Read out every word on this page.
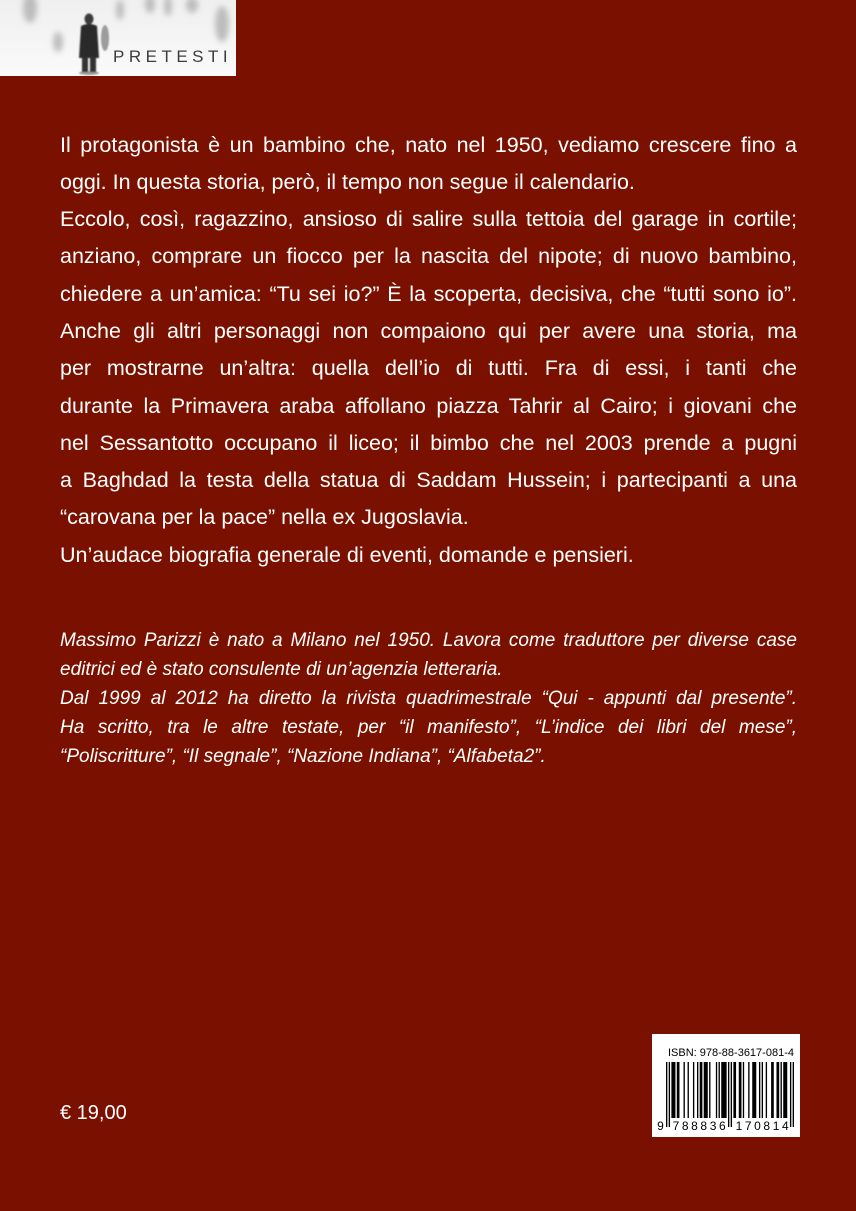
PRETESTI
Il protagonista è un bambino che, nato nel 1950, vediamo crescere fino a
oggi. In questa storia, però, il tempo non segue il calendario.
Eccolo, così, ragazzino, ansioso di salire sulla tettoia del garage in cortile;
anziano, comprare un fiocco per la nascita del nipote; di nuovo bambino,
chiedere a un’amica: “Tu sei io?” È la scoperta, decisiva, che “tutti sono io”.
Anche gli altri personaggi non compaiono qui per avere una storia, ma
per mostrarne un’altra: quella dell’io di tutti. Fra di essi, i tanti che
durante la Primavera araba affollano piazza Tahrir al Cairo; i giovani che
nel Sessantotto occupano il liceo; il bimbo che nel 2003 prende a pugni
a Baghdad la testa della statua di Saddam Hussein; i partecipanti a una
“carovana per la pace” nella ex Jugoslavia.
Un’audace biografia generale di eventi, domande e pensieri.
Massimo Parizzi è nato a Milano nel 1950. Lavora come traduttore per diverse case
editrici ed è stato consulente di un’agenzia letteraria.
Dal 1999 al 2012 ha diretto la rivista quadrimestrale “Qui - appunti dal presente”.
Ha scritto, tra le altre testate, per “il manifesto”, “L’indice dei libri del mese”,
“Poliscritture”, “Il segnale”, “Nazione Indiana”, “Alfabeta2”.
€ 19,00
ISBN: 978-88-3617-081-4
9 788836 170814
